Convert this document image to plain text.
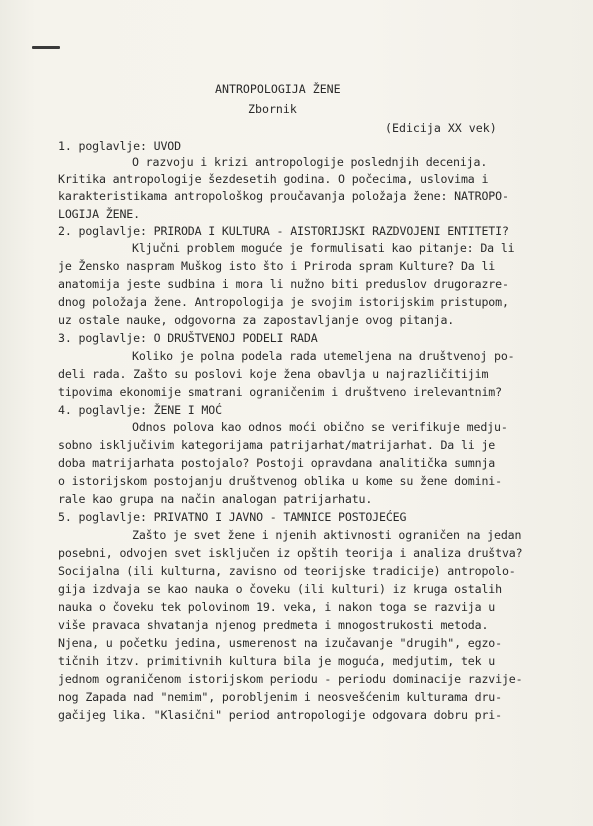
ANTROPOLOGIJA ŽENE
Zbornik
(Edicija XX vek)
1. poglavlje: UVOD
O razvoju i krizi antropologije poslednjih decenija.
Kritika antropologije šezdesetih godina. O počecima, uslovima i
karakteristikama antropološkog proučavanja položaja žene: NATROPO-
LOGIJA ŽENE.
2. poglavlje: PRIRODA I KULTURA - AISTORIJSKI RAZDVOJENI ENTITETI?
Ključni problem moguće je formulisati kao pitanje: Da li
je Žensko naspram Muškog isto što i Priroda spram Kulture? Da li
anatomija jeste sudbina i mora li nužno biti preduslov drugorazre-
dnog položaja žene. Antropologija je svojim istorijskim pristupom,
uz ostale nauke, odgovorna za zapostavljanje ovog pitanja.
3. poglavlje: O DRUŠTVENOJ PODELI RADA
Koliko je polna podela rada utemeljena na društvenoj po-
deli rada. Zašto su poslovi koje žena obavlja u najrazličitijim
tipovima ekonomije smatrani ograničenim i društveno irelevantnim?
4. poglavlje: ŽENE I MOĆ
Odnos polova kao odnos moći obično se verifikuje medju-
sobno isključivim kategorijama patrijarhat/matrijarhat. Da li je
doba matrijarhata postojalo? Postoji opravdana analitička sumnja
o istorijskom postojanju društvenog oblika u kome su žene domini-
rale kao grupa na način analogan patrijarhatu.
5. poglavlje: PRIVATNO I JAVNO - TAMNICE POSTOJEĆEG
Zašto je svet žene i njenih aktivnosti ograničen na jedan
posebni, odvojen svet isključen iz opštih teorija i analiza društva?
Socijalna (ili kulturna, zavisno od teorijske tradicije) antropolo-
gija izdvaja se kao nauka o čoveku (ili kulturi) iz kruga ostalih
nauka o čoveku tek polovinom 19. veka, i nakon toga se razvija u
više pravaca shvatanja njenog predmeta i mnogostrukosti metoda.
Njena, u početku jedina, usmerenost na izučavanje "drugih", egzo-
tičnih itzv. primitivnih kultura bila je moguća, medjutim, tek u
jednom ograničenom istorijskom periodu - periodu dominacije razvije-
nog Zapada nad "nemim", porobljenim i neosvešćenim kulturama dru-
gačijeg lika. "Klasični" period antropologije odgovara dobru pri-
